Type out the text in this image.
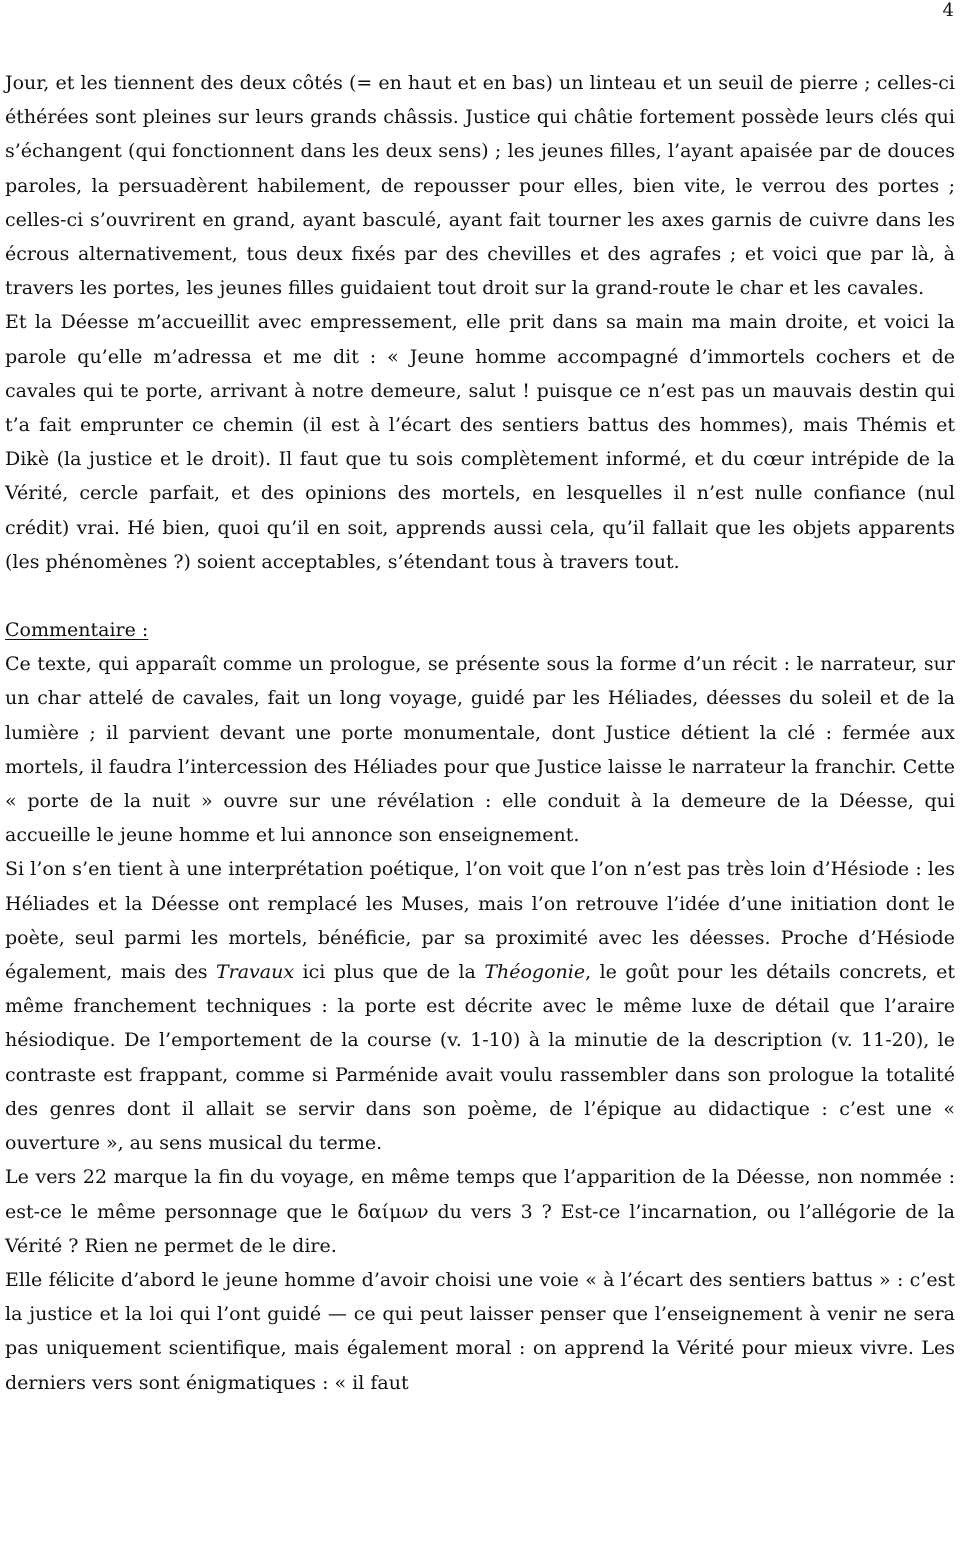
4

Jour, et les tiennent des deux côtés (= en haut et en bas) un linteau et un seuil de pierre ; celles-ci éthérées sont pleines sur leurs grands châssis. Justice qui châtie fortement possède leurs clés qui s’échangent (qui fonctionnent dans les deux sens) ; les jeunes filles, l’ayant apaisée par de douces paroles, la persuadèrent habilement, de repousser pour elles, bien vite, le verrou des portes ; celles-ci s’ouvrirent en grand, ayant basculé, ayant fait tourner les axes garnis de cuivre dans les écrous alternativement, tous deux fixés par des chevilles et des agrafes ; et voici que par là, à travers les portes, les jeunes filles guidaient tout droit sur la grand-route le char et les cavales.

Et la Déesse m’accueillit avec empressement, elle prit dans sa main ma main droite, et voici la parole qu’elle m’adressa et me dit : « Jeune homme accompagné d’immortels cochers et de cavales qui te porte, arrivant à notre demeure, salut ! puisque ce n’est pas un mauvais destin qui t’a fait emprunter ce chemin (il est à l’écart des sentiers battus des hommes), mais Thémis et Dikè (la justice et le droit). Il faut que tu sois complètement informé, et du cœur intrépide de la Vérité, cercle parfait, et des opinions des mortels, en lesquelles il n’est nulle confiance (nul crédit) vrai. Hé bien, quoi qu’il en soit, apprends aussi cela, qu’il fallait que les objets apparents (les phénomènes ?) soient acceptables, s’étendant tous à travers tout.

Commentaire :

Ce texte, qui apparaît comme un prologue, se présente sous la forme d’un récit : le narrateur, sur un char attelé de cavales, fait un long voyage, guidé par les Héliades, déesses du soleil et de la lumière ; il parvient devant une porte monumentale, dont Justice détient la clé : fermée aux mortels, il faudra l’intercession des Héliades pour que Justice laisse le narrateur la franchir. Cette « porte de la nuit » ouvre sur une révélation : elle conduit à la demeure de la Déesse, qui accueille le jeune homme et lui annonce son enseignement.

Si l’on s’en tient à une interprétation poétique, l’on voit que l’on n’est pas très loin d’Hésiode : les Héliades et la Déesse ont remplacé les Muses, mais l’on retrouve l’idée d’une initiation dont le poète, seul parmi les mortels, bénéficie, par sa proximité avec les déesses. Proche d’Hésiode également, mais des Travaux ici plus que de la Théogonie, le goût pour les détails concrets, et même franchement techniques : la porte est décrite avec le même luxe de détail que l’araire hésiodique. De l’emportement de la course (v. 1-10) à la minutie de la description (v. 11-20), le contraste est frappant, comme si Parménide avait voulu rassembler dans son prologue la totalité des genres dont il allait se servir dans son poème, de l’épique au didactique : c’est une « ouverture », au sens musical du terme.

Le vers 22 marque la fin du voyage, en même temps que l’apparition de la Déesse, non nommée : est-ce le même personnage que le δαίμων du vers 3 ? Est-ce l’incarnation, ou l’allégorie de la Vérité ? Rien ne permet de le dire.

Elle félicite d’abord le jeune homme d’avoir choisi une voie « à l’écart des sentiers battus » : c’est la justice et la loi qui l’ont guidé — ce qui peut laisser penser que l’enseignement à venir ne sera pas uniquement scientifique, mais également moral : on apprend la Vérité pour mieux vivre. Les derniers vers sont énigmatiques : « il faut
